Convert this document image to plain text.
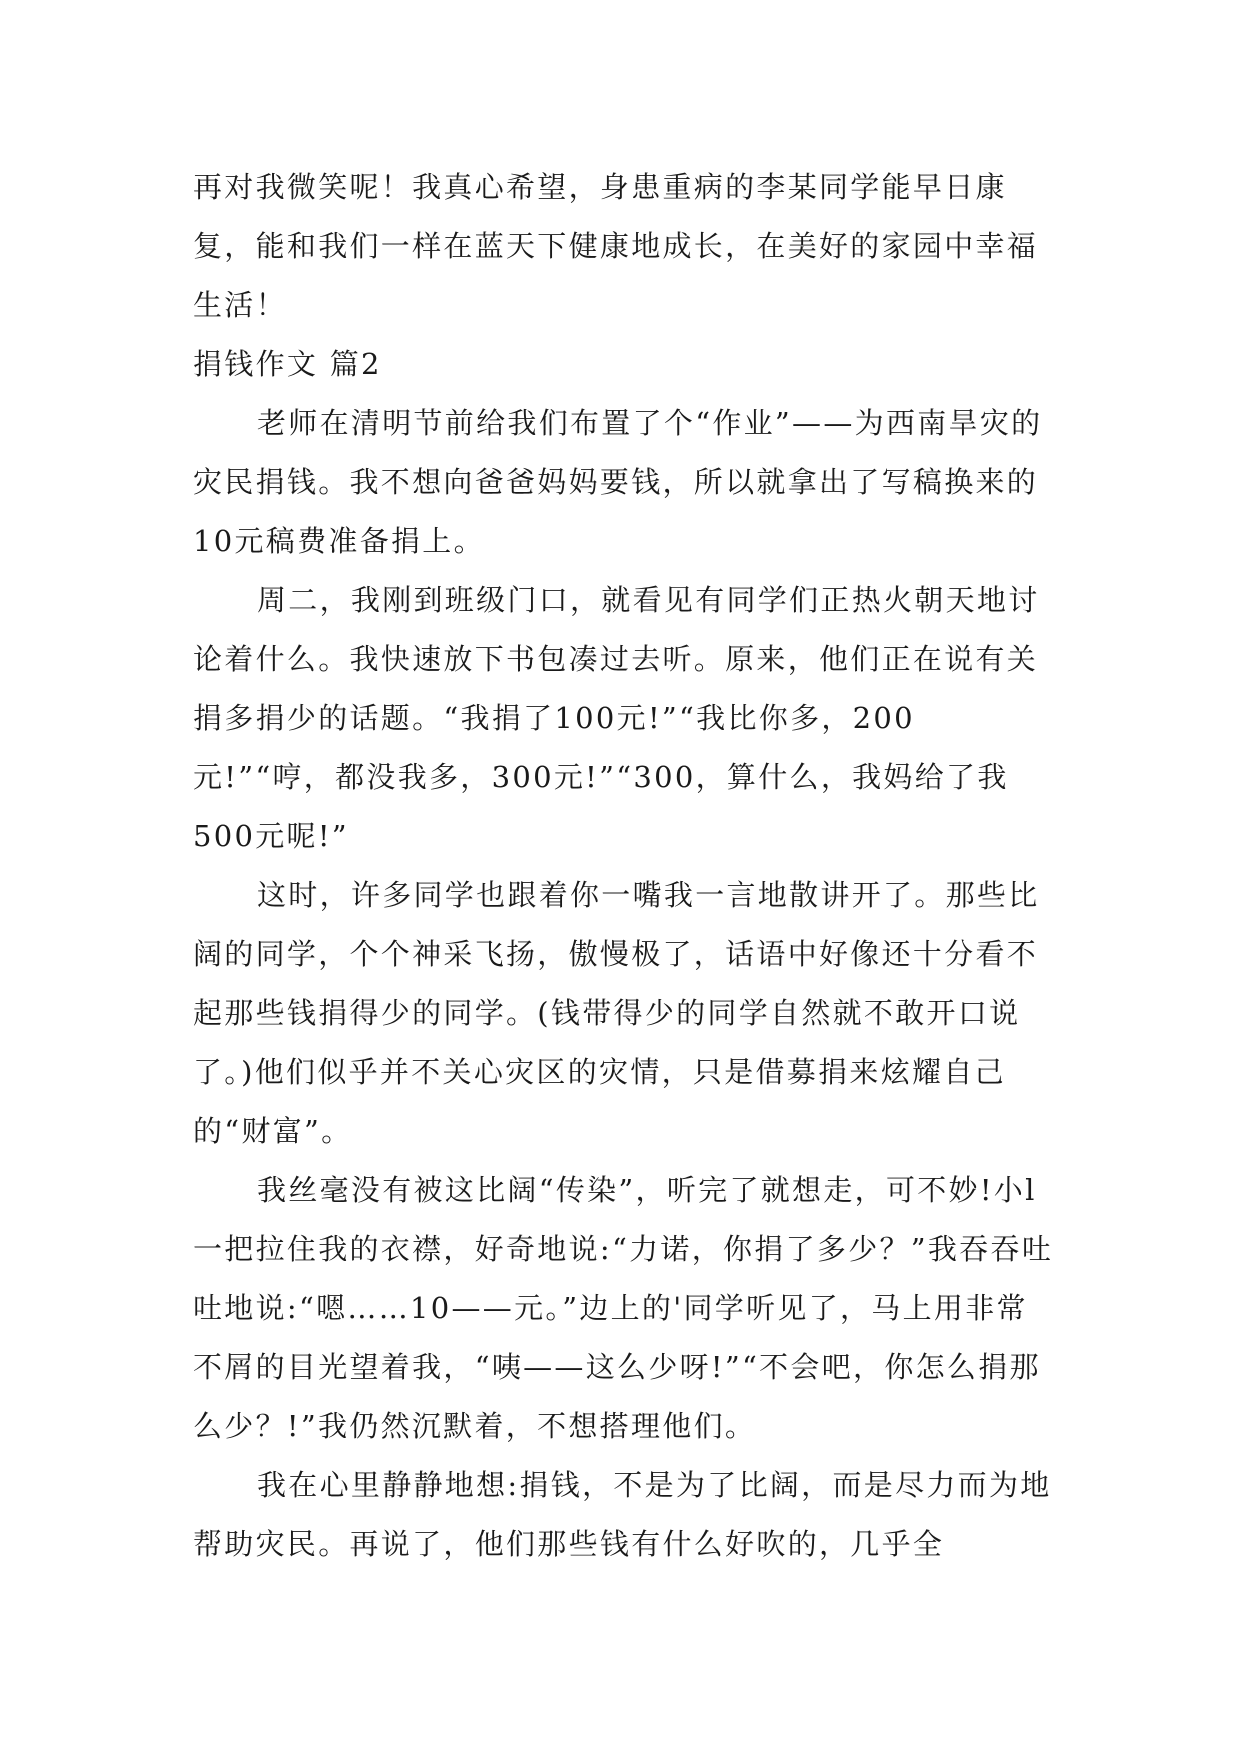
再对我微笑呢！我真心希望，身患重病的李某同学能早日康复，能和我们一样在蓝天下健康地成长，在美好的家园中幸福生活！

捐钱作文 篇2

老师在清明节前给我们布置了个“作业”——为西南旱灾的灾民捐钱。我不想向爸爸妈妈要钱，所以就拿出了写稿换来的10元稿费准备捐上。

周二，我刚到班级门口，就看见有同学们正热火朝天地讨论着什么。我快速放下书包凑过去听。原来，他们正在说有关捐多捐少的话题。“我捐了100元!”“我比你多，200元!”“哼，都没我多，300元!”“300，算什么，我妈给了我500元呢!”

这时，许多同学也跟着你一嘴我一言地散讲开了。那些比阔的同学，个个神采飞扬，傲慢极了，话语中好像还十分看不起那些钱捐得少的同学。(钱带得少的同学自然就不敢开口说了。)他们似乎并不关心灾区的灾情，只是借募捐来炫耀自己的“财富”。

我丝毫没有被这比阔“传染”，听完了就想走，可不妙!小l一把拉住我的衣襟，好奇地说:“力诺，你捐了多少？”我吞吞吐吐地说:“嗯……10——元。”边上的'同学听见了，马上用非常不屑的目光望着我，“咦——这么少呀!”“不会吧，你怎么捐那么少？!”我仍然沉默着，不想搭理他们。

我在心里静静地想:捐钱，不是为了比阔，而是尽力而为地帮助灾民。再说了，他们那些钱有什么好吹的，几乎全
